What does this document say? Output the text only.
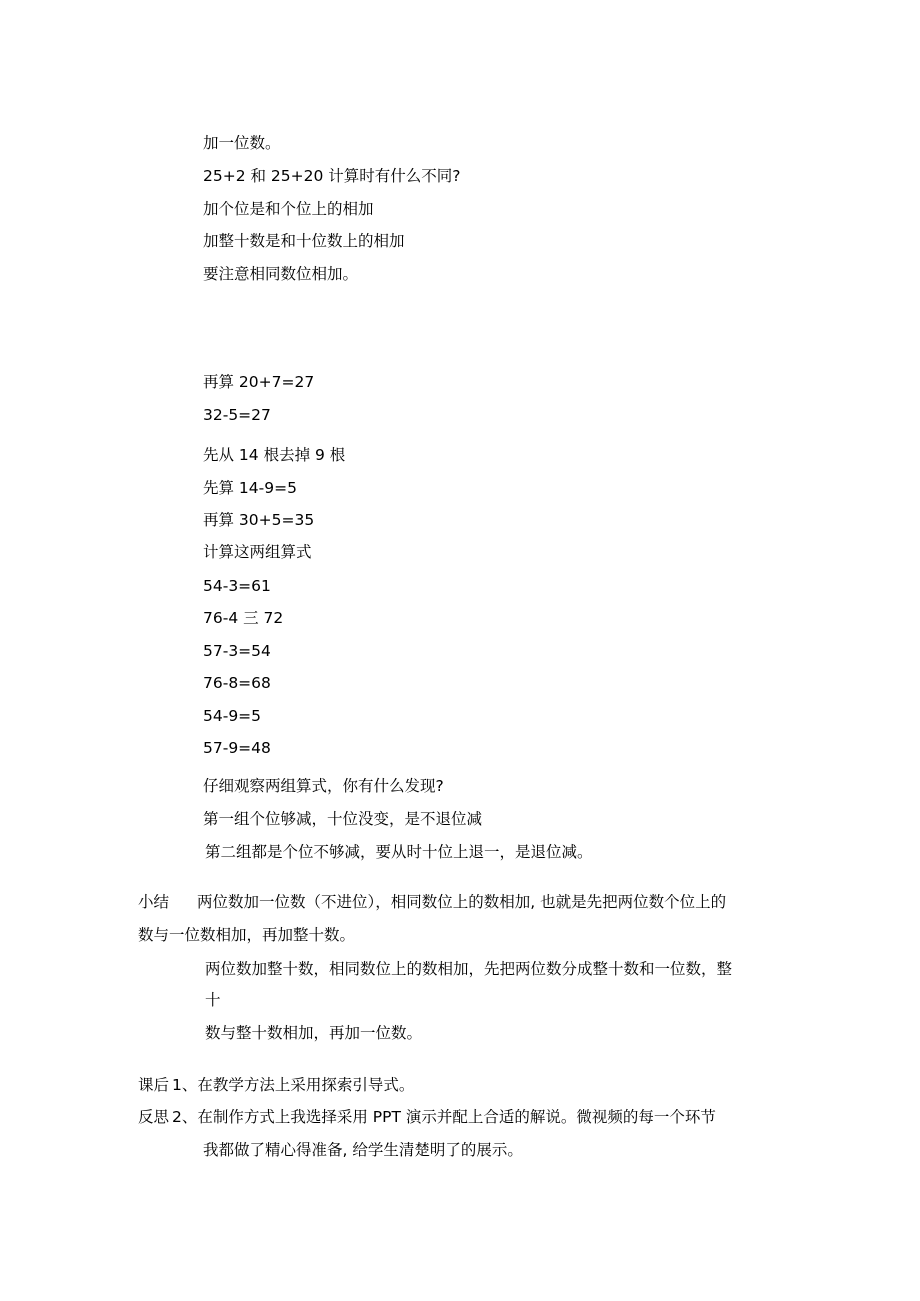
加一位数。
25+2 和 25+20 计算时有什么不同?
加个位是和个位上的相加
加整十数是和十位数上的相加
要注意相同数位相加。
再算 20+7=27
32-5=27
先从 14 根去掉 9 根
先算 14-9=5
再算 30+5=35
计算这两组算式
54-3=61
76-4 三 72
57-3=54
76-8=68
54-9=5
57-9=48
仔细观察两组算式，你有什么发现?
第一组个位够减，十位没变，是不退位减
第二组都是个位不够减，要从时十位上退一，是退位减。
小结 两位数加一位数（不进位），相同数位上的数相加, 也就是先把两位数个位上的
数与一位数相加，再加整十数。
两位数加整十数，相同数位上的数相加，先把两位数分成整十数和一位数，整
十
数与整十数相加，再加一位数。
课后 1、在教学方法上采用探索引导式。
反思 2、在制作方式上我选择采用 PPT 演示并配上合适的解说。微视频的每一个环节
我都做了精心得准备, 给学生清楚明了的展示。
